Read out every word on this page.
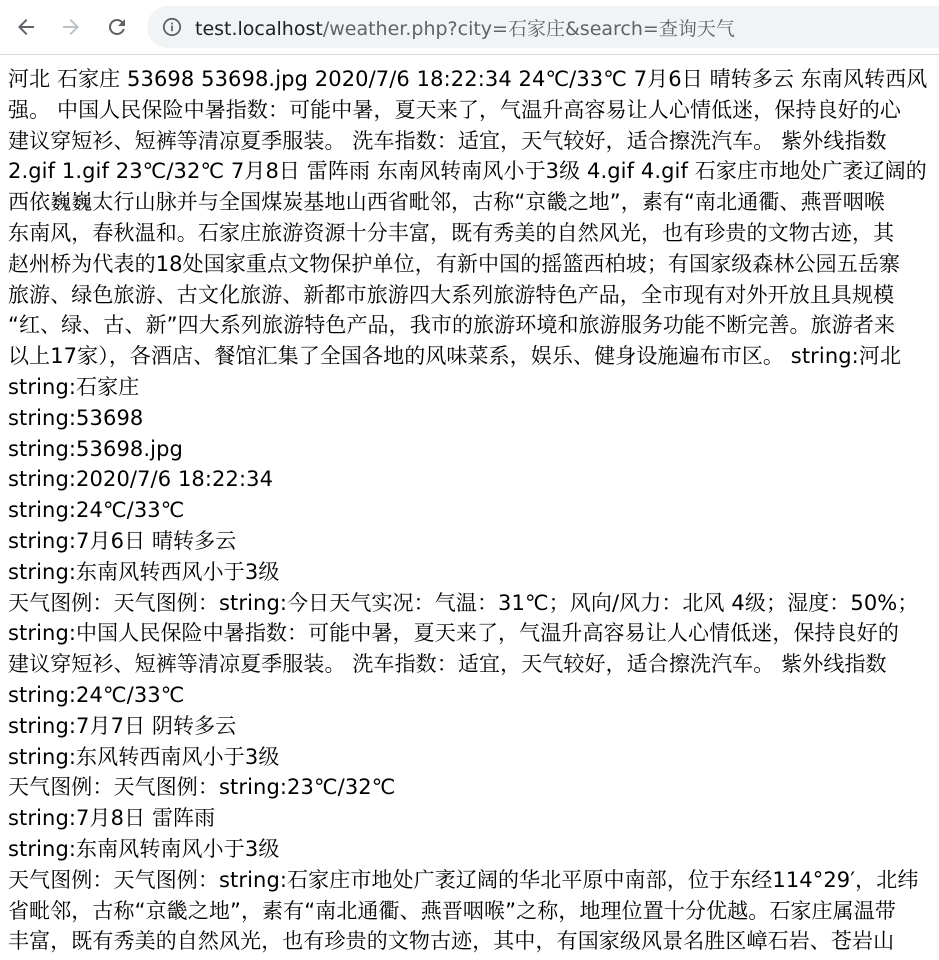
test.localhost/weather.php?city=石家庄&search=查询天气
河北 石家庄 53698 53698.jpg 2020/7/6 18:22:34 24℃/33℃ 7月6日 晴转多云 东南风转西风
强。 中国人民保险中暑指数：可能中暑，夏天来了，气温升高容易让人心情低迷，保持良好的心
建议穿短衫、短裤等清凉夏季服装。 洗车指数：适宜，天气较好，适合擦洗汽车。 紫外线指数
2.gif 1.gif 23℃/32℃ 7月8日 雷阵雨 东南风转南风小于3级 4.gif 4.gif 石家庄市地处广袤辽阔的
西依巍巍太行山脉并与全国煤炭基地山西省毗邻，古称“京畿之地”，素有“南北通衢、燕晋咽喉
东南风，春秋温和。石家庄旅游资源十分丰富，既有秀美的自然风光，也有珍贵的文物古迹，其
赵州桥为代表的18处国家重点文物保护单位，有新中国的摇篮西柏坡；有国家级森林公园五岳寨
旅游、绿色旅游、古文化旅游、新都市旅游四大系列旅游特色产品，全市现有对外开放且具规模
“红、绿、古、新”四大系列旅游特色产品，我市的旅游环境和旅游服务功能不断完善。旅游者来
以上17家），各酒店、餐馆汇集了全国各地的风味菜系，娱乐、健身设施遍布市区。 string:河北
string:石家庄
string:53698
string:53698.jpg
string:2020/7/6 18:22:34
string:24℃/33℃
string:7月6日 晴转多云
string:东南风转西风小于3级
天气图例：天气图例：string:今日天气实况：气温：31℃；风向/风力：北风 4级；湿度：50%；
string:中国人民保险中暑指数：可能中暑，夏天来了，气温升高容易让人心情低迷，保持良好的
建议穿短衫、短裤等清凉夏季服装。 洗车指数：适宜，天气较好，适合擦洗汽车。 紫外线指数
string:24℃/33℃
string:7月7日 阴转多云
string:东风转西南风小于3级
天气图例：天气图例：string:23℃/32℃
string:7月8日 雷阵雨
string:东南风转南风小于3级
天气图例：天气图例：string:石家庄市地处广袤辽阔的华北平原中南部，位于东经114°29′，北纬
省毗邻，古称“京畿之地”，素有“南北通衢、燕晋咽喉”之称，地理位置十分优越。石家庄属温带
丰富，既有秀美的自然风光，也有珍贵的文物古迹，其中，有国家级风景名胜区嶂石岩、苍岩山
